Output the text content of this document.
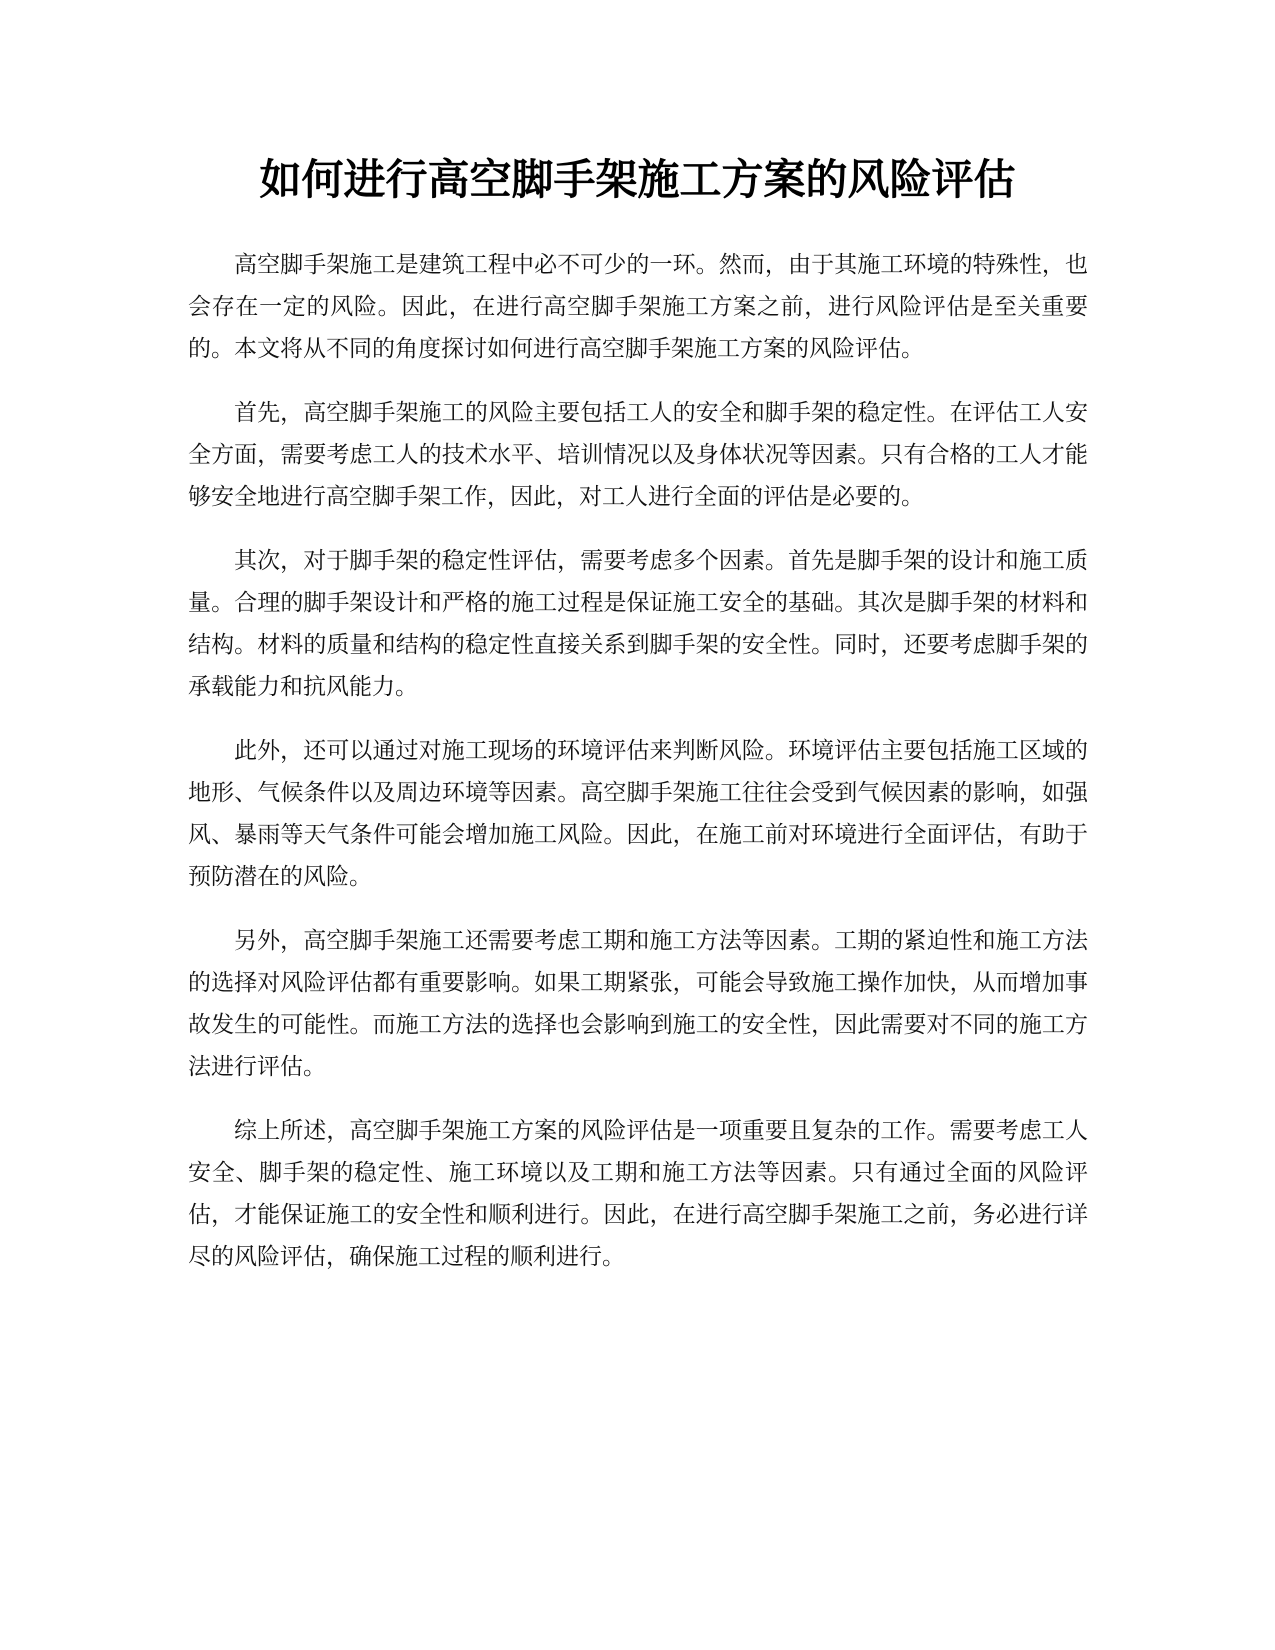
如何进行高空脚手架施工方案的风险评估

高空脚手架施工是建筑工程中必不可少的一环。然而，由于其施工环境的特殊性，也会存在一定的风险。因此，在进行高空脚手架施工方案之前，进行风险评估是至关重要的。本文将从不同的角度探讨如何进行高空脚手架施工方案的风险评估。

首先，高空脚手架施工的风险主要包括工人的安全和脚手架的稳定性。在评估工人安全方面，需要考虑工人的技术水平、培训情况以及身体状况等因素。只有合格的工人才能够安全地进行高空脚手架工作，因此，对工人进行全面的评估是必要的。

其次，对于脚手架的稳定性评估，需要考虑多个因素。首先是脚手架的设计和施工质量。合理的脚手架设计和严格的施工过程是保证施工安全的基础。其次是脚手架的材料和结构。材料的质量和结构的稳定性直接关系到脚手架的安全性。同时，还要考虑脚手架的承载能力和抗风能力。

此外，还可以通过对施工现场的环境评估来判断风险。环境评估主要包括施工区域的地形、气候条件以及周边环境等因素。高空脚手架施工往往会受到气候因素的影响，如强风、暴雨等天气条件可能会增加施工风险。因此，在施工前对环境进行全面评估，有助于预防潜在的风险。

另外，高空脚手架施工还需要考虑工期和施工方法等因素。工期的紧迫性和施工方法的选择对风险评估都有重要影响。如果工期紧张，可能会导致施工操作加快，从而增加事故发生的可能性。而施工方法的选择也会影响到施工的安全性，因此需要对不同的施工方法进行评估。

综上所述，高空脚手架施工方案的风险评估是一项重要且复杂的工作。需要考虑工人安全、脚手架的稳定性、施工环境以及工期和施工方法等因素。只有通过全面的风险评估，才能保证施工的安全性和顺利进行。因此，在进行高空脚手架施工之前，务必进行详尽的风险评估，确保施工过程的顺利进行。
